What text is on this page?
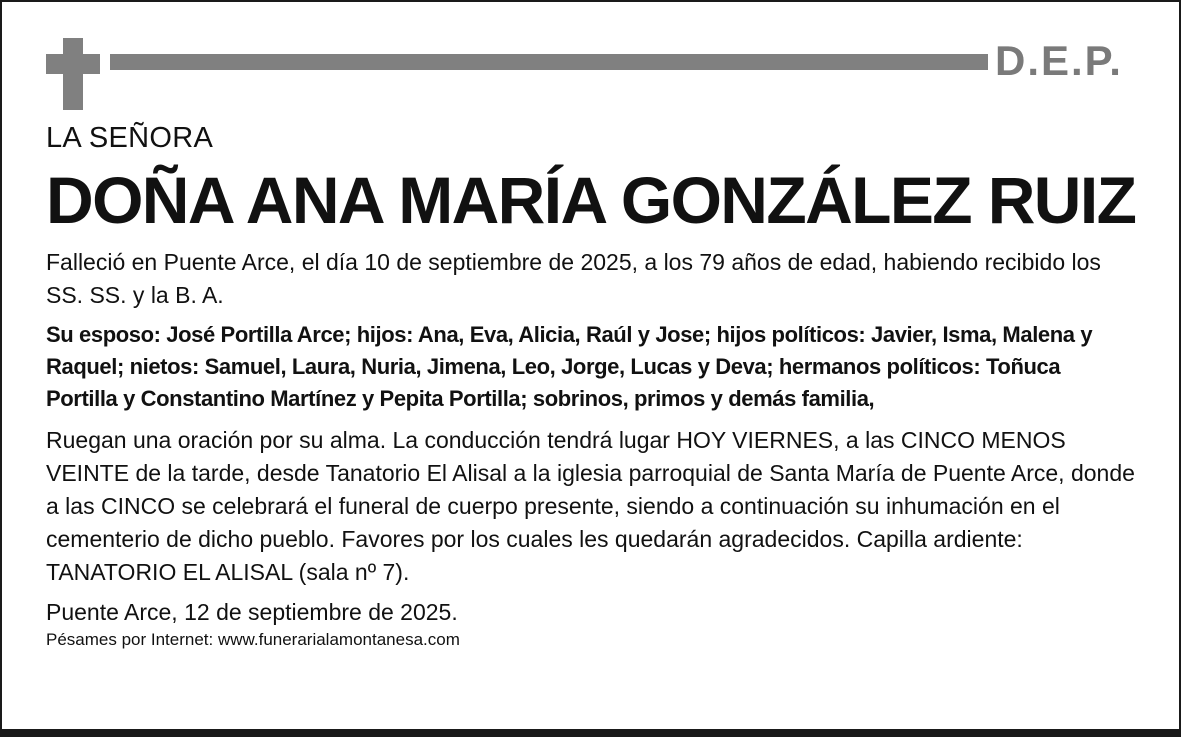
D.E.P.

LA SEÑORA

DOÑA ANA MARÍA GONZÁLEZ RUIZ

Falleció en Puente Arce, el día 10 de septiembre de 2025, a los 79 años de edad, habiendo recibido los SS. SS. y la B. A.

Su esposo: José Portilla Arce; hijos: Ana, Eva, Alicia, Raúl y Jose; hijos políticos: Javier, Isma, Malena y Raquel; nietos: Samuel, Laura, Nuria, Jimena, Leo, Jorge, Lucas y Deva; hermanos políticos: Toñuca Portilla y Constantino Martínez y Pepita Portilla; sobrinos, primos y demás familia,

Ruegan una oración por su alma. La conducción tendrá lugar HOY VIERNES, a las CINCO MENOS VEINTE de la tarde, desde Tanatorio El Alisal a la iglesia parroquial de Santa María de Puente Arce, donde a las CINCO se celebrará el funeral de cuerpo presente, siendo a continuación su inhumación en el cementerio de dicho pueblo. Favores por los cuales les quedarán agradecidos. Capilla ardiente: TANATORIO EL ALISAL (sala nº 7).

Puente Arce, 12 de septiembre de 2025.

Pésames por Internet: www.funerarialamontanesa.com
